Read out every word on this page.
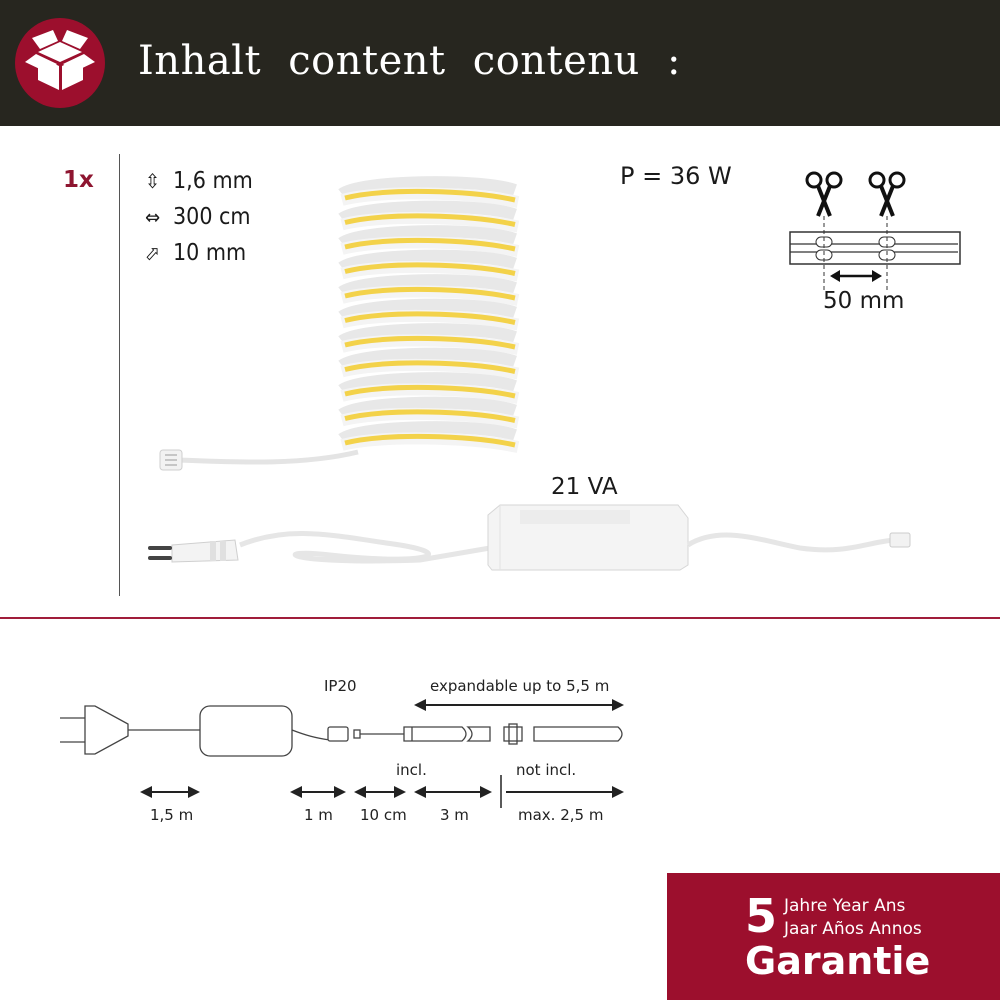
Inhalt content contenu :
1x	⇳ 1,6 mm
⇔ 300 cm
⬀ 10 mm
P = 36 W
50 mm
21 VA
IP20	expandable up to 5,5 m
incl.	not incl.
1,5 m	1 m 10 cm 3 m	max. 2,5 m
5 Jahre Year Ans
Jaar Años Annos
Garantie
